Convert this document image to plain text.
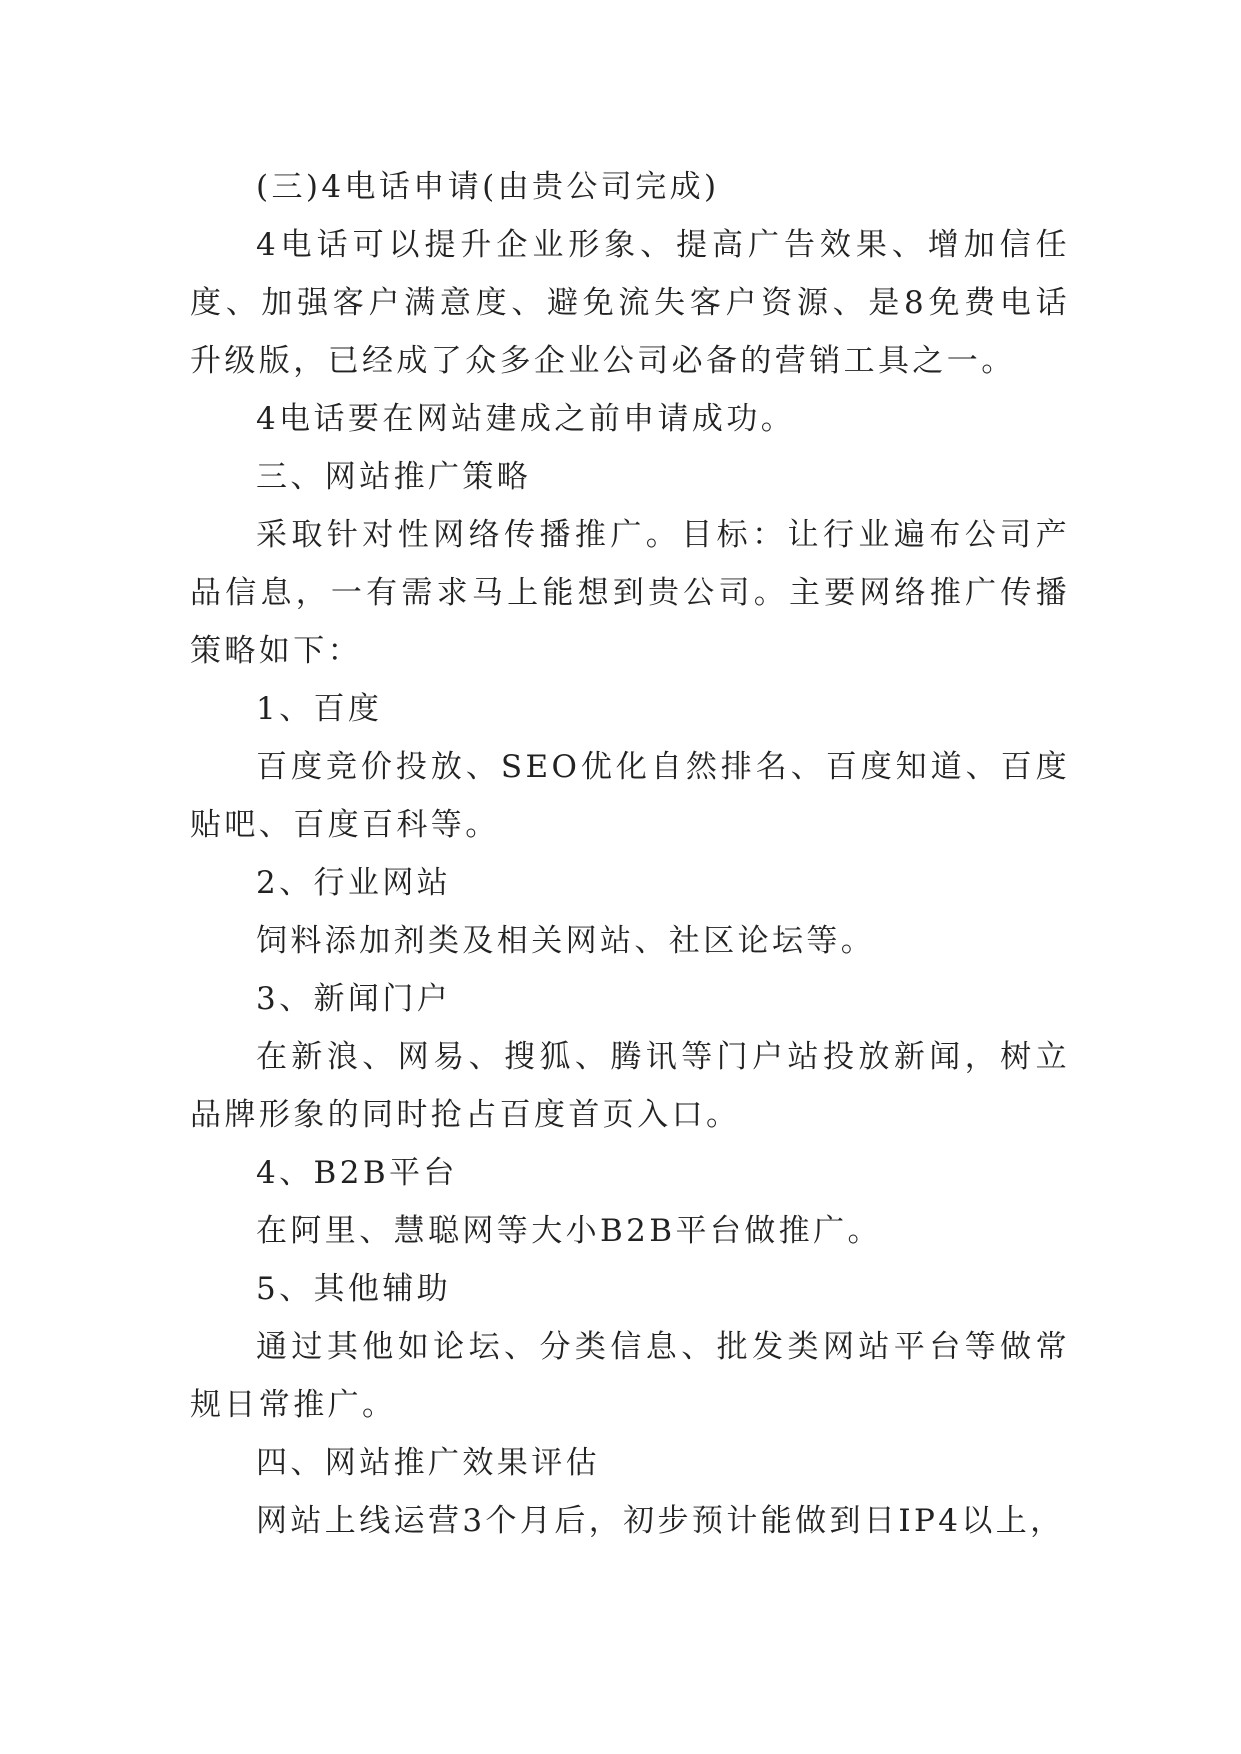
(三)4电话申请(由贵公司完成)

4电话可以提升企业形象、提高广告效果、增加信任度、加强客户满意度、避免流失客户资源、是8免费电话升级版，已经成了众多企业公司必备的营销工具之一。

4电话要在网站建成之前申请成功。

三、网站推广策略

采取针对性网络传播推广。目标：让行业遍布公司产品信息，一有需求马上能想到贵公司。主要网络推广传播策略如下：

1、百度

百度竞价投放、SEO优化自然排名、百度知道、百度贴吧、百度百科等。

2、行业网站

饲料添加剂类及相关网站、社区论坛等。

3、新闻门户

在新浪、网易、搜狐、腾讯等门户站投放新闻，树立品牌形象的同时抢占百度首页入口。

4、B2B平台

在阿里、慧聪网等大小B2B平台做推广。

5、其他辅助

通过其他如论坛、分类信息、批发类网站平台等做常规日常推广。

四、网站推广效果评估

网站上线运营3个月后，初步预计能做到日IP4以上，
